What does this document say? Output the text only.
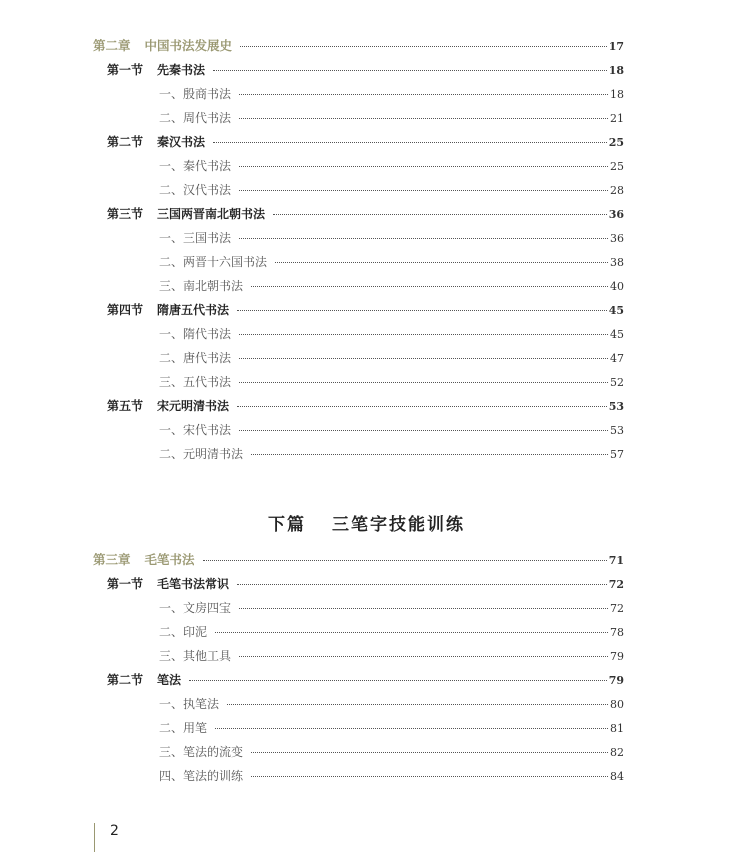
第二章 中国书法发展史	17
第一节 先秦书法	18
一、殷商书法	18
二、周代书法	21
第二节 秦汉书法	25
一、秦代书法	25
二、汉代书法	28
第三节 三国两晋南北朝书法	36
一、三国书法	36
二、两晋十六国书法	38
三、南北朝书法	40
第四节 隋唐五代书法	45
一、隋代书法	45
二、唐代书法	47
三、五代书法	52
第五节 宋元明清书法	53
一、宋代书法	53
二、元明清书法	57
下篇 三笔字技能训练
第三章 毛笔书法	71
第一节 毛笔书法常识	72
一、文房四宝	72
二、印泥	78
三、其他工具	79
第二节 笔法	79
一、执笔法	80
二、用笔	81
三、笔法的流变	82
四、笔法的训练	84
2
